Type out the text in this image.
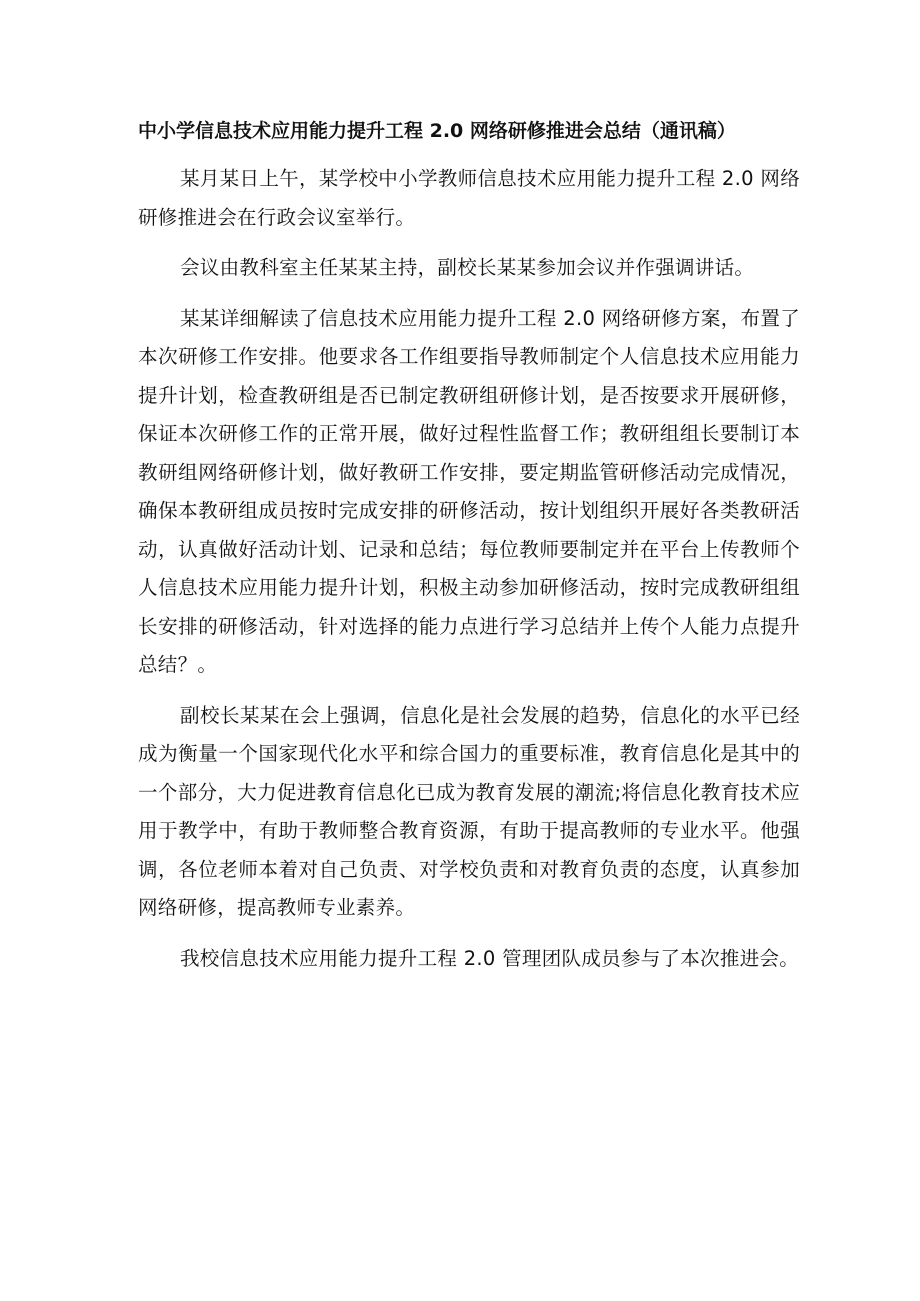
中小学信息技术应用能力提升工程 2.0 网络研修推进会总结（通讯稿）

某月某日上午，某学校中小学教师信息技术应用能力提升工程 2.0 网络研修推进会在行政会议室举行。

会议由教科室主任某某主持，副校长某某参加会议并作强调讲话。

某某详细解读了信息技术应用能力提升工程 2.0 网络研修方案，布置了本次研修工作安排。他要求各工作组要指导教师制定个人信息技术应用能力提升计划，检查教研组是否已制定教研组研修计划，是否按要求开展研修，保证本次研修工作的正常开展，做好过程性监督工作；教研组组长要制订本教研组网络研修计划，做好教研工作安排，要定期监管研修活动完成情况，确保本教研组成员按时完成安排的研修活动，按计划组织开展好各类教研活动，认真做好活动计划、记录和总结；每位教师要制定并在平台上传教师个人信息技术应用能力提升计划，积极主动参加研修活动，按时完成教研组组长安排的研修活动，针对选择的能力点进行学习总结并上传个人能力点提升总结？。

副校长某某在会上强调，信息化是社会发展的趋势，信息化的水平已经成为衡量一个国家现代化水平和综合国力的重要标准，教育信息化是其中的一个部分，大力促进教育信息化已成为教育发展的潮流;将信息化教育技术应用于教学中，有助于教师整合教育资源，有助于提高教师的专业水平。他强调，各位老师本着对自己负责、对学校负责和对教育负责的态度，认真参加网络研修，提高教师专业素养。

我校信息技术应用能力提升工程 2.0 管理团队成员参与了本次推进会。
